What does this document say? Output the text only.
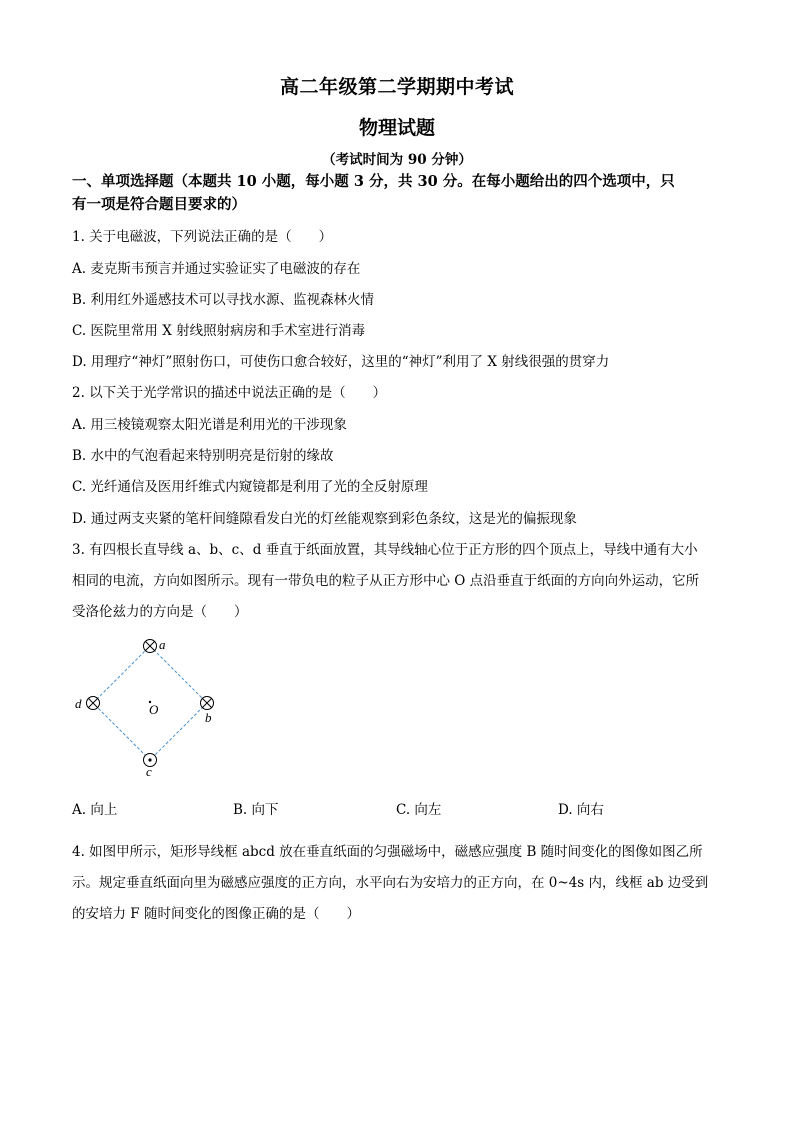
高二年级第二学期期中考试
物理试题
（考试时间为 90 分钟）
一、单项选择题（本题共 10 小题，每小题 3 分，共 30 分。在每小题给出的四个选项中，只
有一项是符合题目要求的）
1. 关于电磁波，下列说法正确的是（　　）
A. 麦克斯韦预言并通过实验证实了电磁波的存在
B. 利用红外遥感技术可以寻找水源、监视森林火情
C. 医院里常用 X 射线照射病房和手术室进行消毒
D. 用理疗“神灯”照射伤口，可使伤口愈合较好，这里的“神灯”利用了 X 射线很强的贯穿力
2. 以下关于光学常识的描述中说法正确的是（　　）
A. 用三棱镜观察太阳光谱是利用光的干涉现象
B. 水中的气泡看起来特别明亮是衍射的缘故
C. 光纤通信及医用纤维式内窥镜都是利用了光的全反射原理
D. 通过两支夹紧的笔杆间缝隙看发白光的灯丝能观察到彩色条纹，这是光的偏振现象
3. 有四根长直导线 a、b、c、d 垂直于纸面放置，其导线轴心位于正方形的四个顶点上，导线中通有大小
相同的电流，方向如图所示。现有一带负电的粒子从正方形中心 O 点沿垂直于纸面的方向向外运动，它所
受洛伦兹力的方向是（　　）
a
b
c
d	O
A. 向上	B. 向下	C. 向左	D. 向右
4. 如图甲所示，矩形导线框 abcd 放在垂直纸面的匀强磁场中，磁感应强度 B 随时间变化的图像如图乙所
示。规定垂直纸面向里为磁感应强度的正方向，水平向右为安培力的正方向，在 0~4s 内，线框 ab 边受到
的安培力 F 随时间变化的图像正确的是（　　）
